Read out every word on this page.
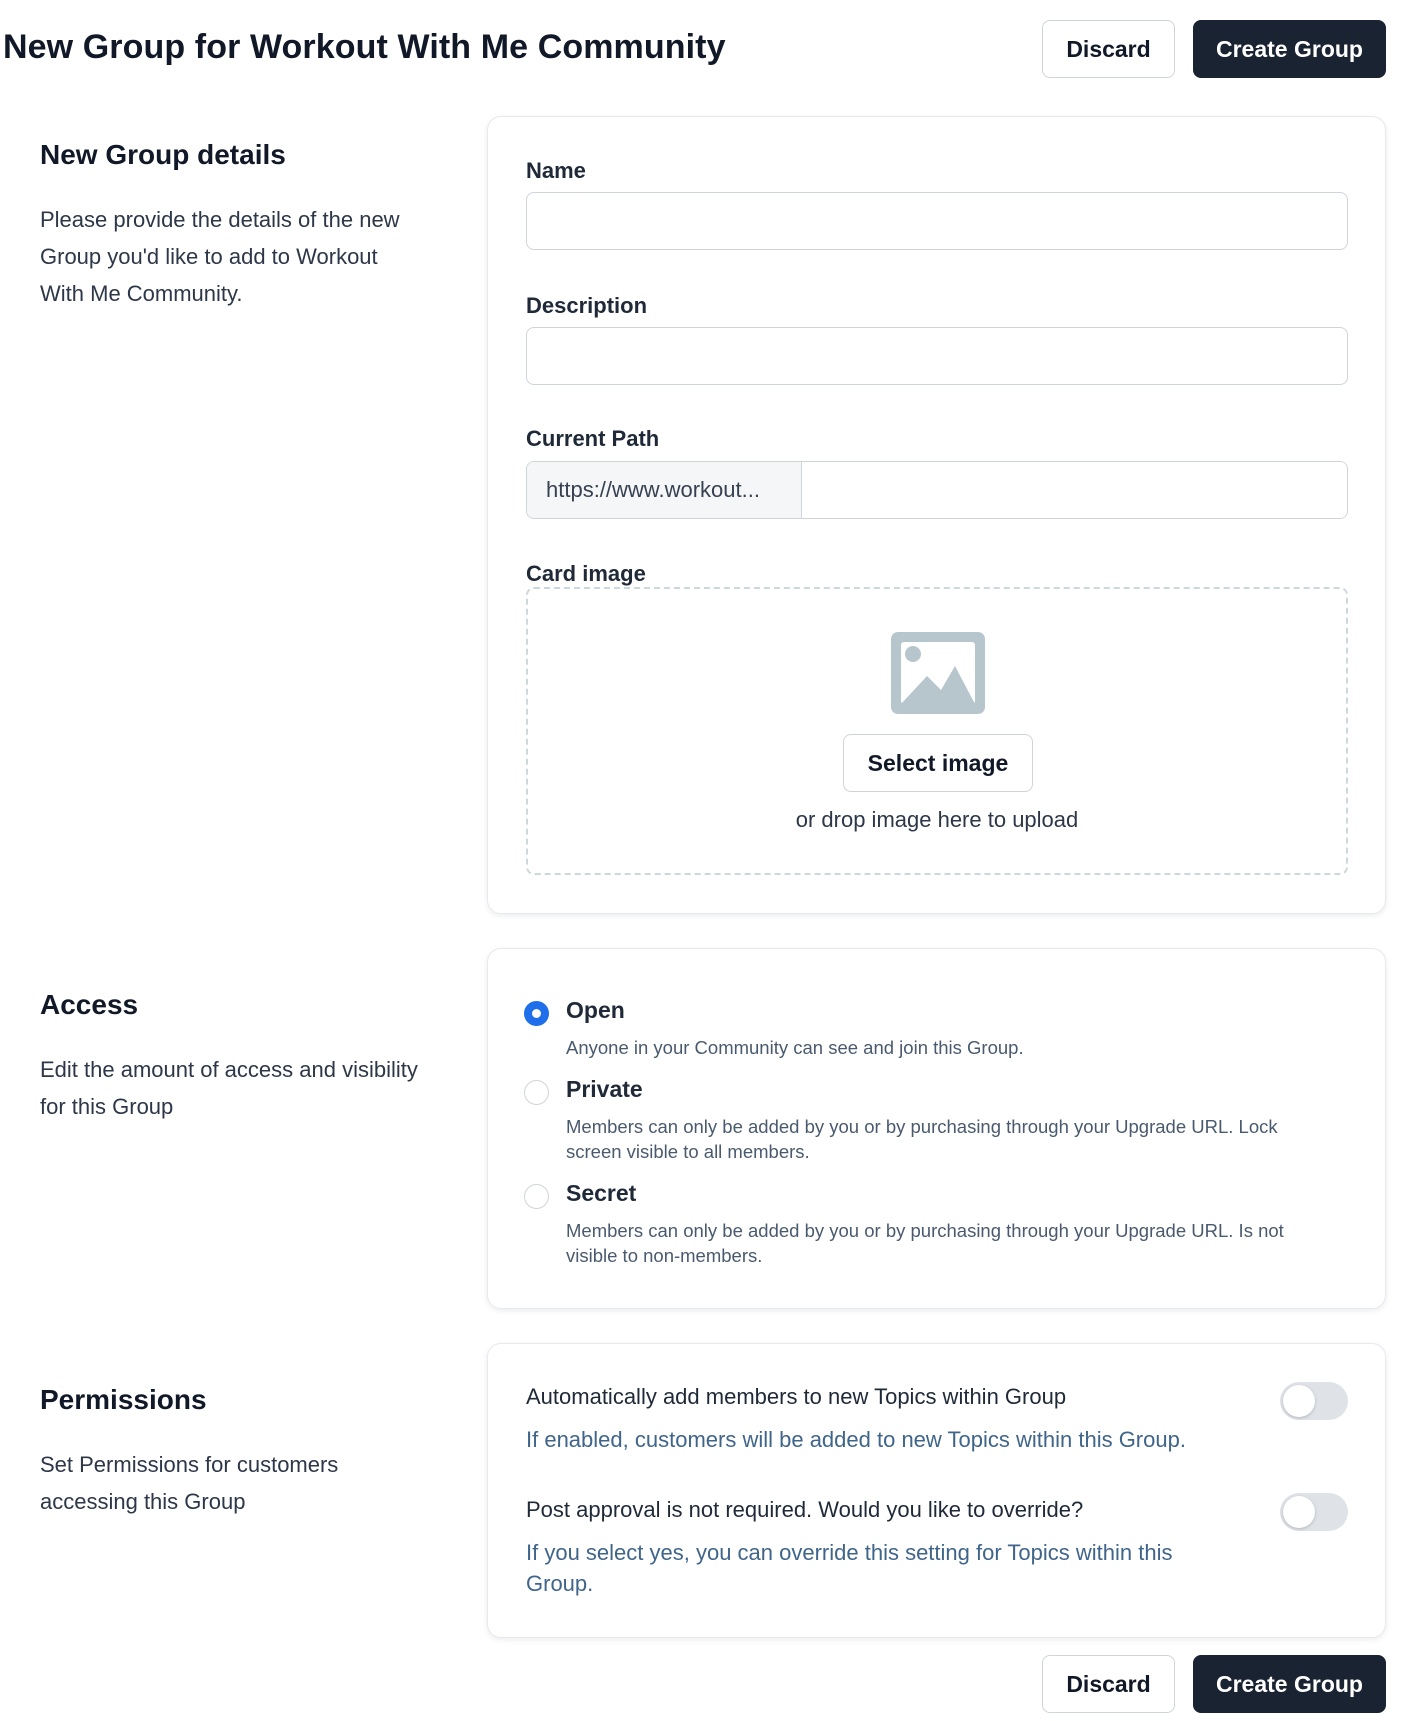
New Group for Workout With Me Community	Discard	Create Group
New Group details
Please provide the details of the new Group you'd like to add to Workout With Me Community.
Name
Description
Current Path
https://www.workout...
Card image
Select image
or drop image here to upload
Access
Edit the amount of access and visibility for this Group
Open
Anyone in your Community can see and join this Group.
Private
Members can only be added by you or by purchasing through your Upgrade URL. Lock screen visible to all members.
Secret
Members can only be added by you or by purchasing through your Upgrade URL. Is not visible to non-members.
Permissions
Set Permissions for customers accessing this Group
Automatically add members to new Topics within Group
If enabled, customers will be added to new Topics within this Group.
Post approval is not required. Would you like to override?
If you select yes, you can override this setting for Topics within this Group.
Discard	Create Group
